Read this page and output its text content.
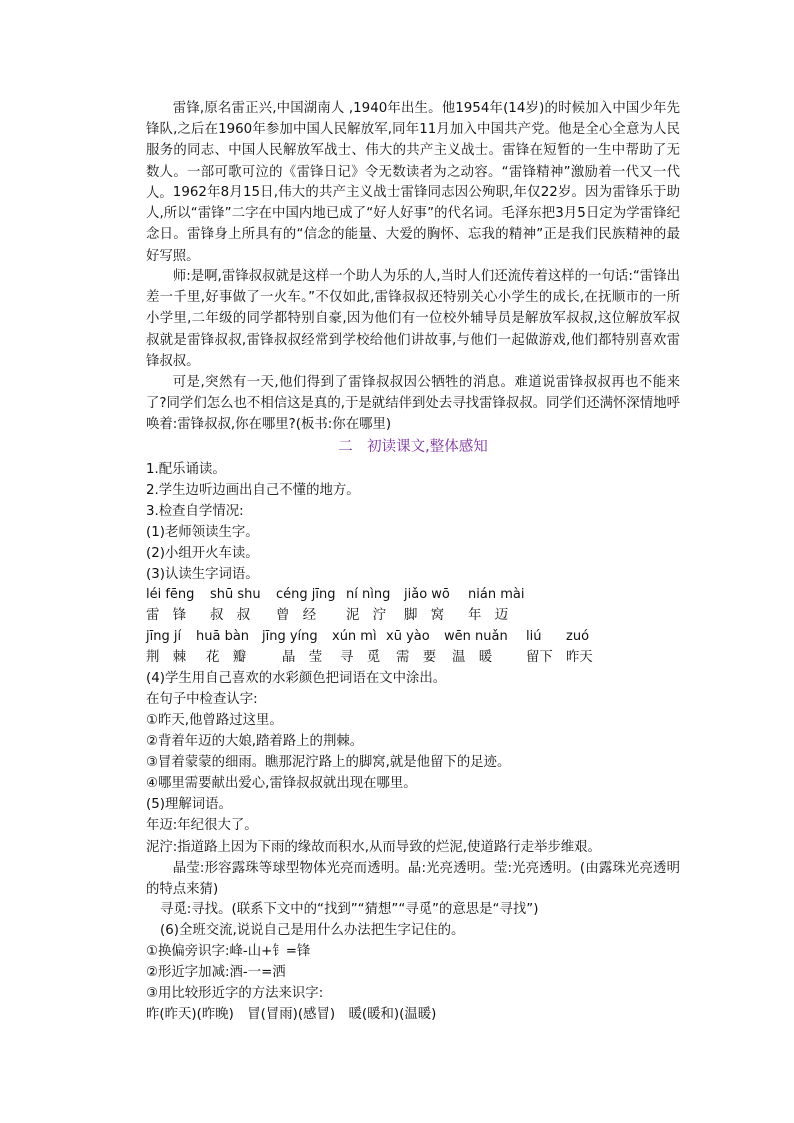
雷锋,原名雷正兴,中国湖南人 ,1940年出生。他1954年(14岁)的时候加入中国少年先锋队,之后在1960年参加中国人民解放军,同年11月加入中国共产党。他是全心全意为人民服务的同志、中国人民解放军战士、伟大的共产主义战士。雷锋在短暂的一生中帮助了无数人。一部可歌可泣的《雷锋日记》令无数读者为之动容。“雷锋精神”激励着一代又一代人。 1962年8月15日,伟大的共产主义战士雷锋同志因公殉职,年仅22岁。因为雷锋乐于助人,所以“雷锋”二字在中国内地已成了“好人好事”的代名词。毛泽东把3月5日定为学雷锋纪念日。雷锋身上所具有的“信念的能量、大爱的胸怀、忘我的精神”正是我们民族精神的最好写照。

师:是啊,雷锋叔叔就是这样一个助人为乐的人,当时人们还流传着这样的一句话:“雷锋出差一千里,好事做了一火车。”不仅如此,雷锋叔叔还特别关心小学生的成长,在抚顺市的一所小学里,二年级的同学都特别自豪,因为他们有一位校外辅导员是解放军叔叔,这位解放军叔叔就是雷锋叔叔,雷锋叔叔经常到学校给他们讲故事,与他们一起做游戏,他们都特别喜欢雷锋叔叔。

可是,突然有一天,他们得到了雷锋叔叔因公牺牲的消息。难道说雷锋叔叔再也不能来了?同学们怎么也不相信这是真的,于是就结伴到处去寻找雷锋叔叔。同学们还满怀深情地呼唤着:雷锋叔叔,你在哪里?(板书:你在哪里)

二　初读课文,整体感知

1.配乐诵读。

2.学生边听边画出自己不懂的地方。

3.检查自学情况:

(1)老师领读生字。

(2)小组开火车读。

(3)认读生字词语。

léi fēng shū shu céng jīng ní nìng jiǎo wō nián mài
雷　锋 叔　叔 曾　经 泥　泞 脚　窝 年　迈
jīng jí huā bàn jīng yíng xún mì xū yào wēn nuǎn liú zuó
荆　棘 花　瓣	晶　莹 寻　觅 需　要 温　暖	留下 昨天

(4)学生用自己喜欢的水彩颜色把词语在文中涂出。

在句子中检查认字:

①昨天,他曾路过这里。

②背着年迈的大娘,踏着路上的荆棘。

③冒着蒙蒙的细雨。瞧那泥泞路上的脚窝,就是他留下的足迹。

④哪里需要献出爱心,雷锋叔叔就出现在哪里。

(5)理解词语。

年迈:年纪很大了。

泥泞:指道路上因为下雨的缘故而积水,从而导致的烂泥,使道路行走举步维艰。

晶莹:形容露珠等球型物体光亮而透明。晶:光亮透明。莹:光亮透明。(由露珠光亮透明的特点来猜)

寻觅:寻找。(联系下文中的“找到”“猜想”“寻觅”的意思是“寻找”)

(6)全班交流,说说自己是用什么办法把生字记住的。

①换偏旁识字:峰-山+钅=锋

②形近字加减:酒-一=洒

③用比较形近字的方法来识字:

昨(昨天)(昨晚)　冒(冒雨)(感冒)　暖(暖和)(温暖)
